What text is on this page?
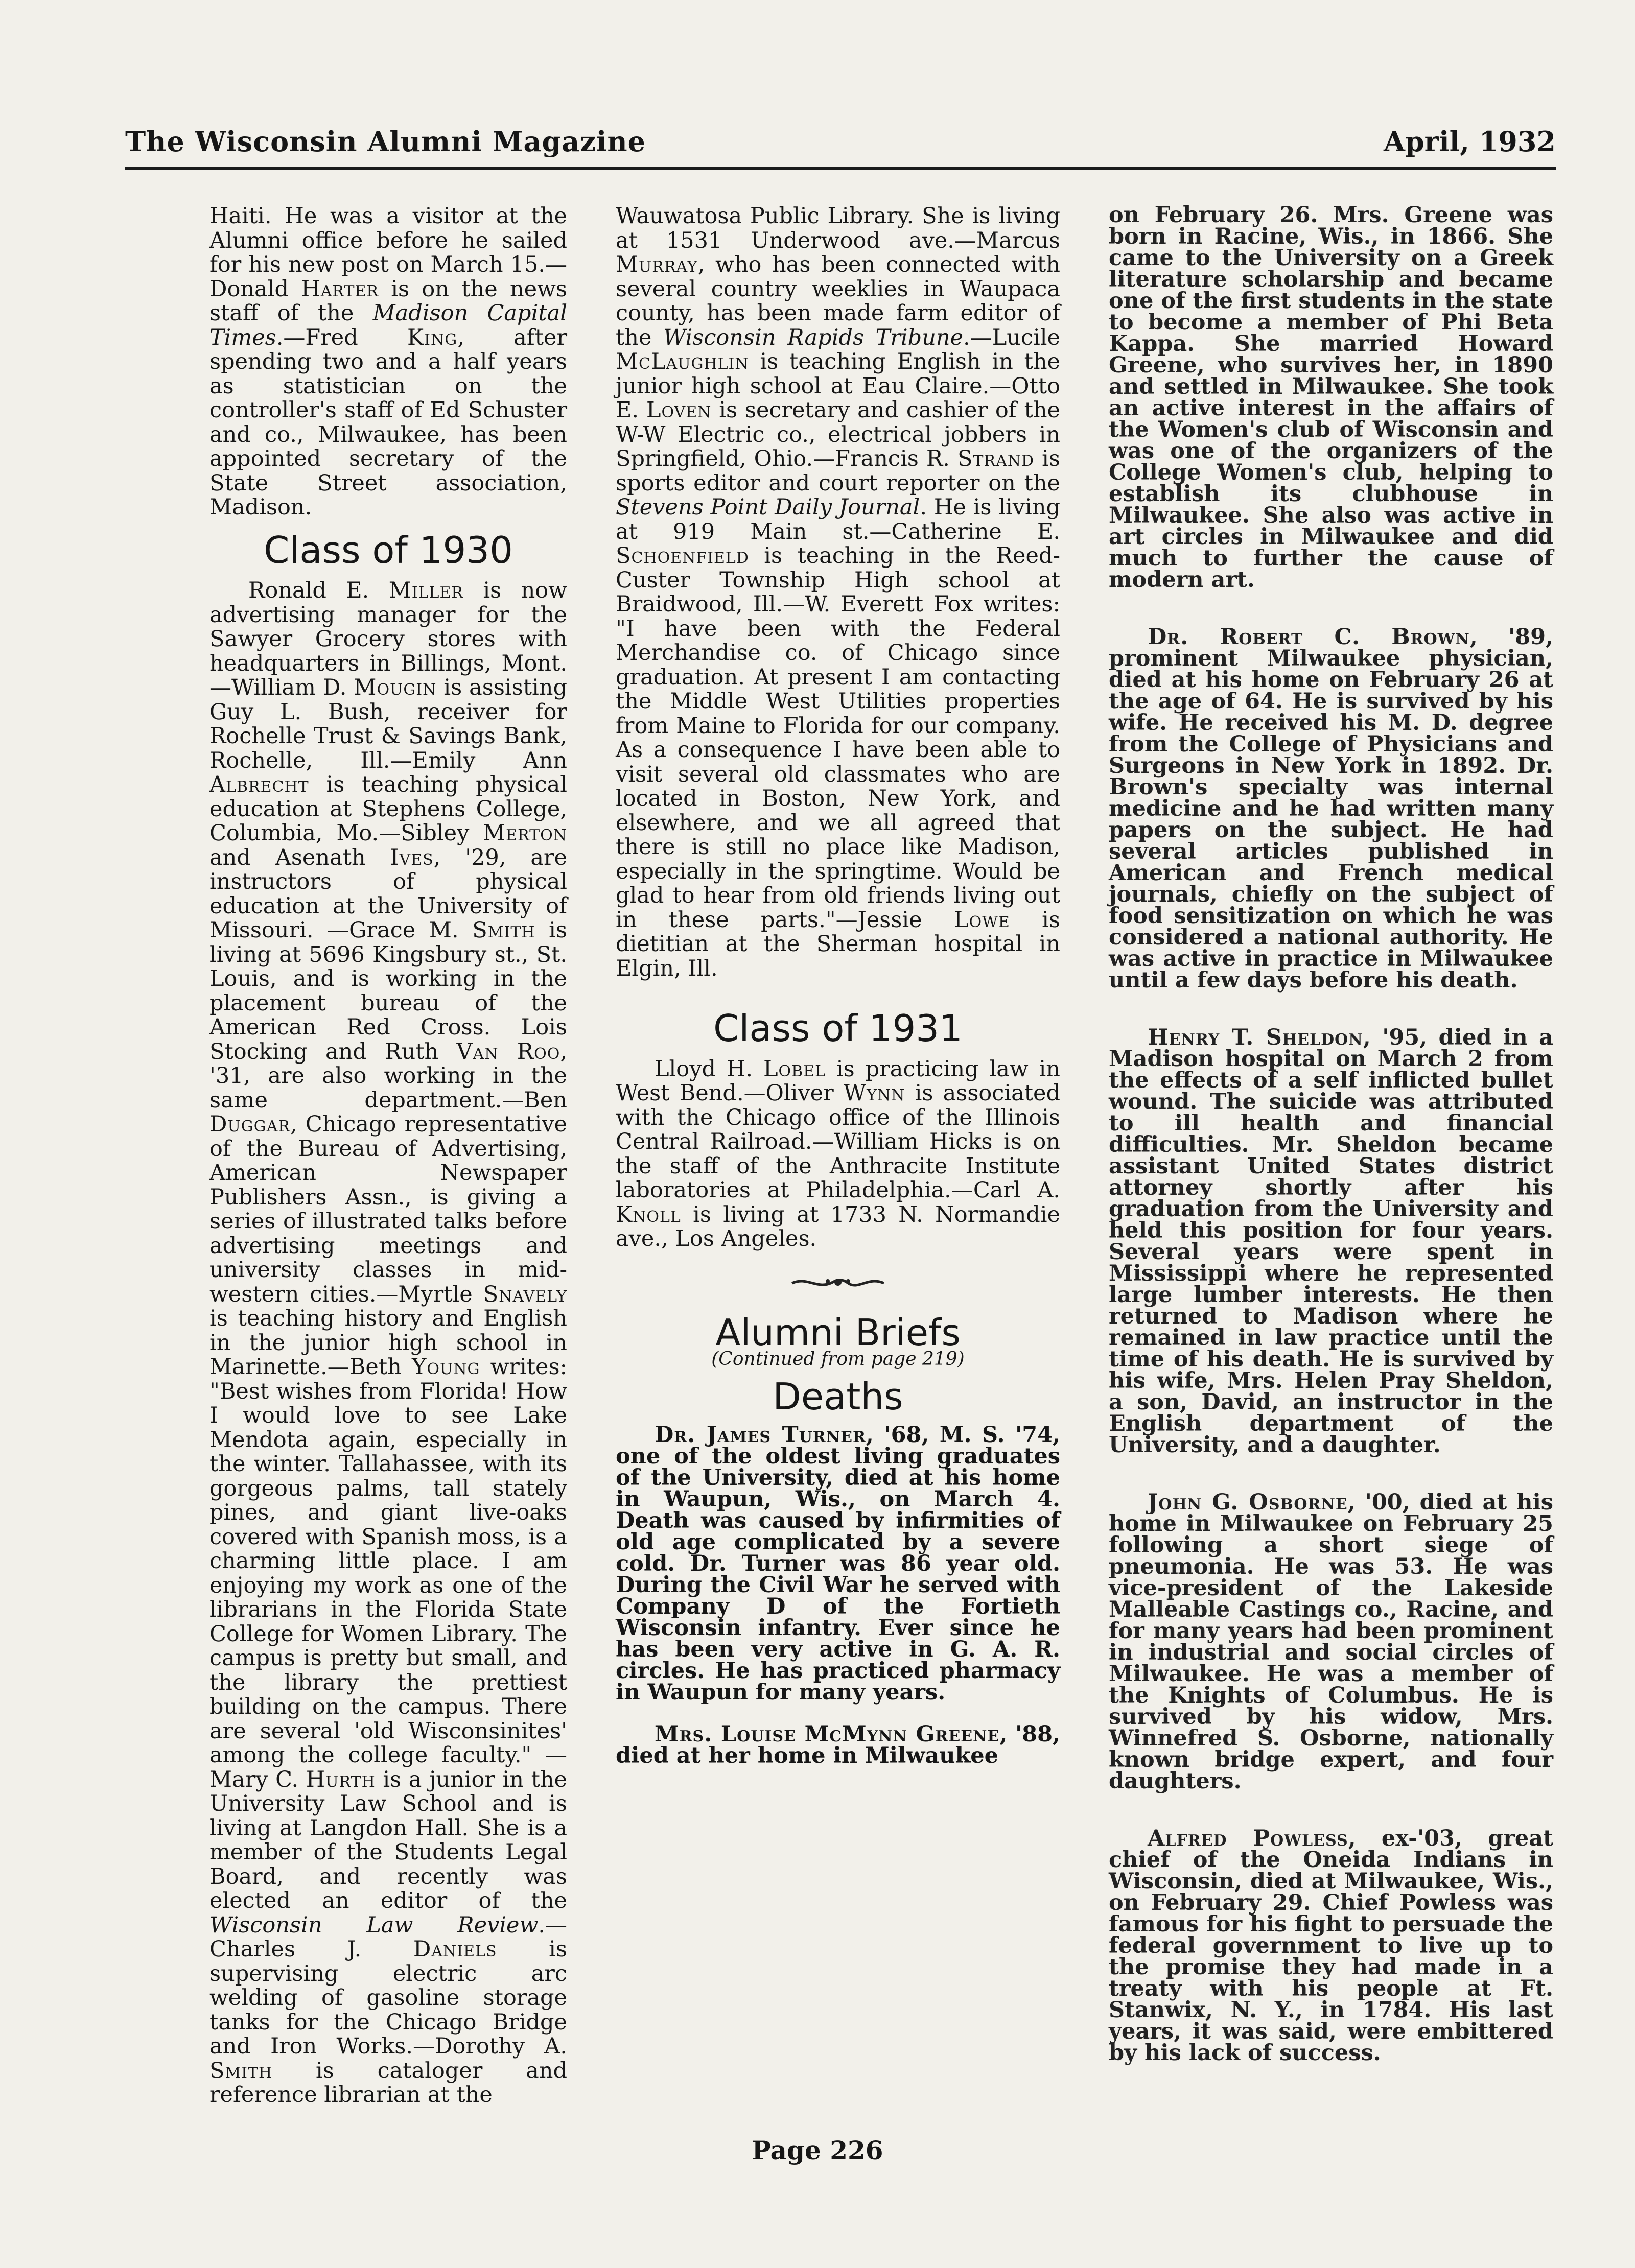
The Wisconsin Alumni Magazine	April, 1932

Haiti. He was a visitor at the Alumni office before he sailed for his new post on March 15.—Donald Harter is on the news staff of the Madison Capital Times.—Fred King, after spending two and a half years as statistician on the controller's staff of Ed Schuster and co., Milwaukee, has been appointed secretary of the State Street association, Madison.

Class of 1930

Ronald E. Miller is now advertising manager for the Sawyer Grocery stores with headquarters in Billings, Mont.—William D. Mougin is assisting Guy L. Bush, receiver for Rochelle Trust & Savings Bank, Rochelle, Ill.—Emily Ann Albrecht is teaching physical education at Stephens College, Columbia, Mo.—Sibley Merton and Asenath Ives, '29, are instructors of physical education at the University of Missouri. —Grace M. Smith is living at 5696 Kingsbury st., St. Louis, and is working in the placement bureau of the American Red Cross. Lois Stocking and Ruth Van Roo, '31, are also working in the same department.—Ben Duggar, Chicago representative of the Bureau of Advertising, American Newspaper Publishers Assn., is giving a series of illustrated talks before advertising meetings and university classes in mid-western cities.—Myrtle Snavely is teaching history and English in the junior high school in Marinette.—Beth Young writes: "Best wishes from Florida! How I would love to see Lake Mendota again, especially in the winter. Tallahassee, with its gorgeous palms, tall stately pines, and giant live-oaks covered with Spanish moss, is a charming little place. I am enjoying my work as one of the librarians in the Florida State College for Women Library. The campus is pretty but small, and the library the prettiest building on the campus. There are several 'old Wisconsinites' among the college faculty." — Mary C. Hurth is a junior in the University Law School and is living at Langdon Hall. She is a member of the Students Legal Board, and recently was elected an editor of the Wisconsin Law Review.—Charles J. Daniels is supervising electric arc welding of gasoline storage tanks for the Chicago Bridge and Iron Works.—Dorothy A. Smith is cataloger and reference librarian at the

Wauwatosa Public Library. She is living at 1531 Underwood ave.—Marcus Murray, who has been connected with several country weeklies in Waupaca county, has been made farm editor of the Wisconsin Rapids Tribune.—Lucile McLaughlin is teaching English in the junior high school at Eau Claire.—Otto E. Loven is secretary and cashier of the W-W Electric co., electrical jobbers in Springfield, Ohio.—Francis R. Strand is sports editor and court reporter on the Stevens Point Daily Journal. He is living at 919 Main st.—Catherine E. Schoenfield is teaching in the Reed-Custer Township High school at Braidwood, Ill.—W. Everett Fox writes: "I have been with the Federal Merchandise co. of Chicago since graduation. At present I am contacting the Middle West Utilities properties from Maine to Florida for our company. As a consequence I have been able to visit several old classmates who are located in Boston, New York, and elsewhere, and we all agreed that there is still no place like Madison, especially in the springtime. Would be glad to hear from old friends living out in these parts."—Jessie Lowe is dietitian at the Sherman hospital in Elgin, Ill.

Class of 1931

Lloyd H. Lobel is practicing law in West Bend.—Oliver Wynn is associated with the Chicago office of the Illinois Central Railroad.—William Hicks is on the staff of the Anthracite Institute laboratories at Philadelphia.—Carl A. Knoll is living at 1733 N. Normandie ave., Los Angeles.

Alumni Briefs
(Continued from page 219)
Deaths

Dr. James Turner, '68, M. S. '74, one of the oldest living graduates of the University, died at his home in Waupun, Wis., on March 4. Death was caused by infirmities of old age complicated by a severe cold. Dr. Turner was 86 year old. During the Civil War he served with Company D of the Fortieth Wisconsin infantry. Ever since he has been very active in G. A. R. circles. He has practiced pharmacy in Waupun for many years.

Mrs. Louise McMynn Greene, '88, died at her home in Milwaukee

on February 26. Mrs. Greene was born in Racine, Wis., in 1866. She came to the University on a Greek literature scholarship and became one of the first students in the state to become a member of Phi Beta Kappa. She married Howard Greene, who survives her, in 1890 and settled in Milwaukee. She took an active interest in the affairs of the Women's club of Wisconsin and was one of the organizers of the College Women's club, helping to establish its clubhouse in Milwaukee. She also was active in art circles in Milwaukee and did much to further the cause of modern art.

Dr. Robert C. Brown, '89, prominent Milwaukee physician, died at his home on February 26 at the age of 64. He is survived by his wife. He received his M. D. degree from the College of Physicians and Surgeons in New York in 1892. Dr. Brown's specialty was internal medicine and he had written many papers on the subject. He had several articles published in American and French medical journals, chiefly on the subject of food sensitization on which he was considered a national authority. He was active in practice in Milwaukee until a few days before his death.

Henry T. Sheldon, '95, died in a Madison hospital on March 2 from the effects of a self inflicted bullet wound. The suicide was attributed to ill health and financial difficulties. Mr. Sheldon became assistant United States district attorney shortly after his graduation from the University and held this position for four years. Several years were spent in Mississippi where he represented large lumber interests. He then returned to Madison where he remained in law practice until the time of his death. He is survived by his wife, Mrs. Helen Pray Sheldon, a son, David, an instructor in the English department of the University, and a daughter.

John G. Osborne, '00, died at his home in Milwaukee on February 25 following a short siege of pneumonia. He was 53. He was vice-president of the Lakeside Malleable Castings co., Racine, and for many years had been prominent in industrial and social circles of Milwaukee. He was a member of the Knights of Columbus. He is survived by his widow, Mrs. Winnefred S. Osborne, nationally known bridge expert, and four daughters.

Alfred Powless, ex-'03, great chief of the Oneida Indians in Wisconsin, died at Milwaukee, Wis., on February 29. Chief Powless was famous for his fight to persuade the federal government to live up to the promise they had made in a treaty with his people at Ft. Stanwix, N. Y., in 1784. His last years, it was said, were embittered by his lack of success.

Page 226
